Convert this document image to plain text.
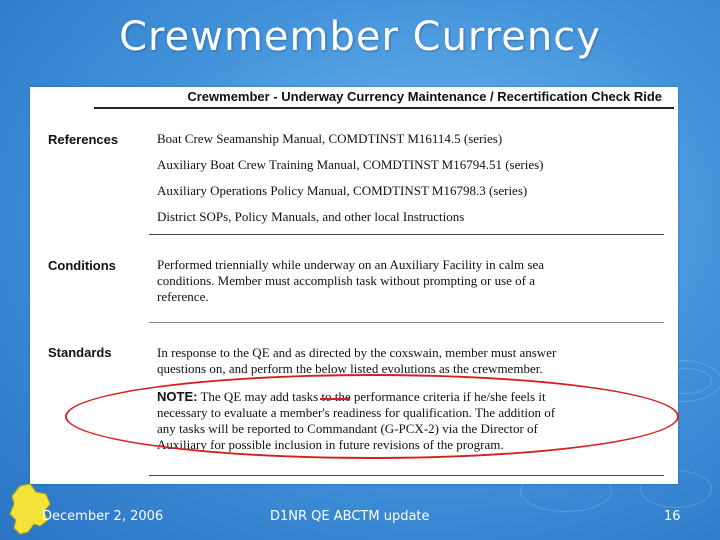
Crewmember Currency
Crewmember - Underway Currency Maintenance / Recertification Check Ride
References	Boat Crew Seamanship Manual, COMDTINST M16114.5 (series)
Auxiliary Boat Crew Training Manual, COMDTINST M16794.51 (series)
Auxiliary Operations Policy Manual, COMDTINST M16798.3 (series)
District SOPs, Policy Manuals, and other local Instructions
Conditions	Performed triennially while underway on an Auxiliary Facility in calm sea
conditions. Member must accomplish task without prompting or use of a
reference.
Standards	In response to the QE and as directed by the coxswain, member must answer
questions on, and perform the below listed evolutions as the crewmember.
NOTE: The QE may add tasks to the performance criteria if he/she feels it
necessary to evaluate a member's readiness for qualification. The addition of
any tasks will be reported to Commandant (G-PCX-2) via the Director of
Auxiliary for possible inclusion in future revisions of the program.
December 2, 2006	D1NR QE ABCTM update	16
